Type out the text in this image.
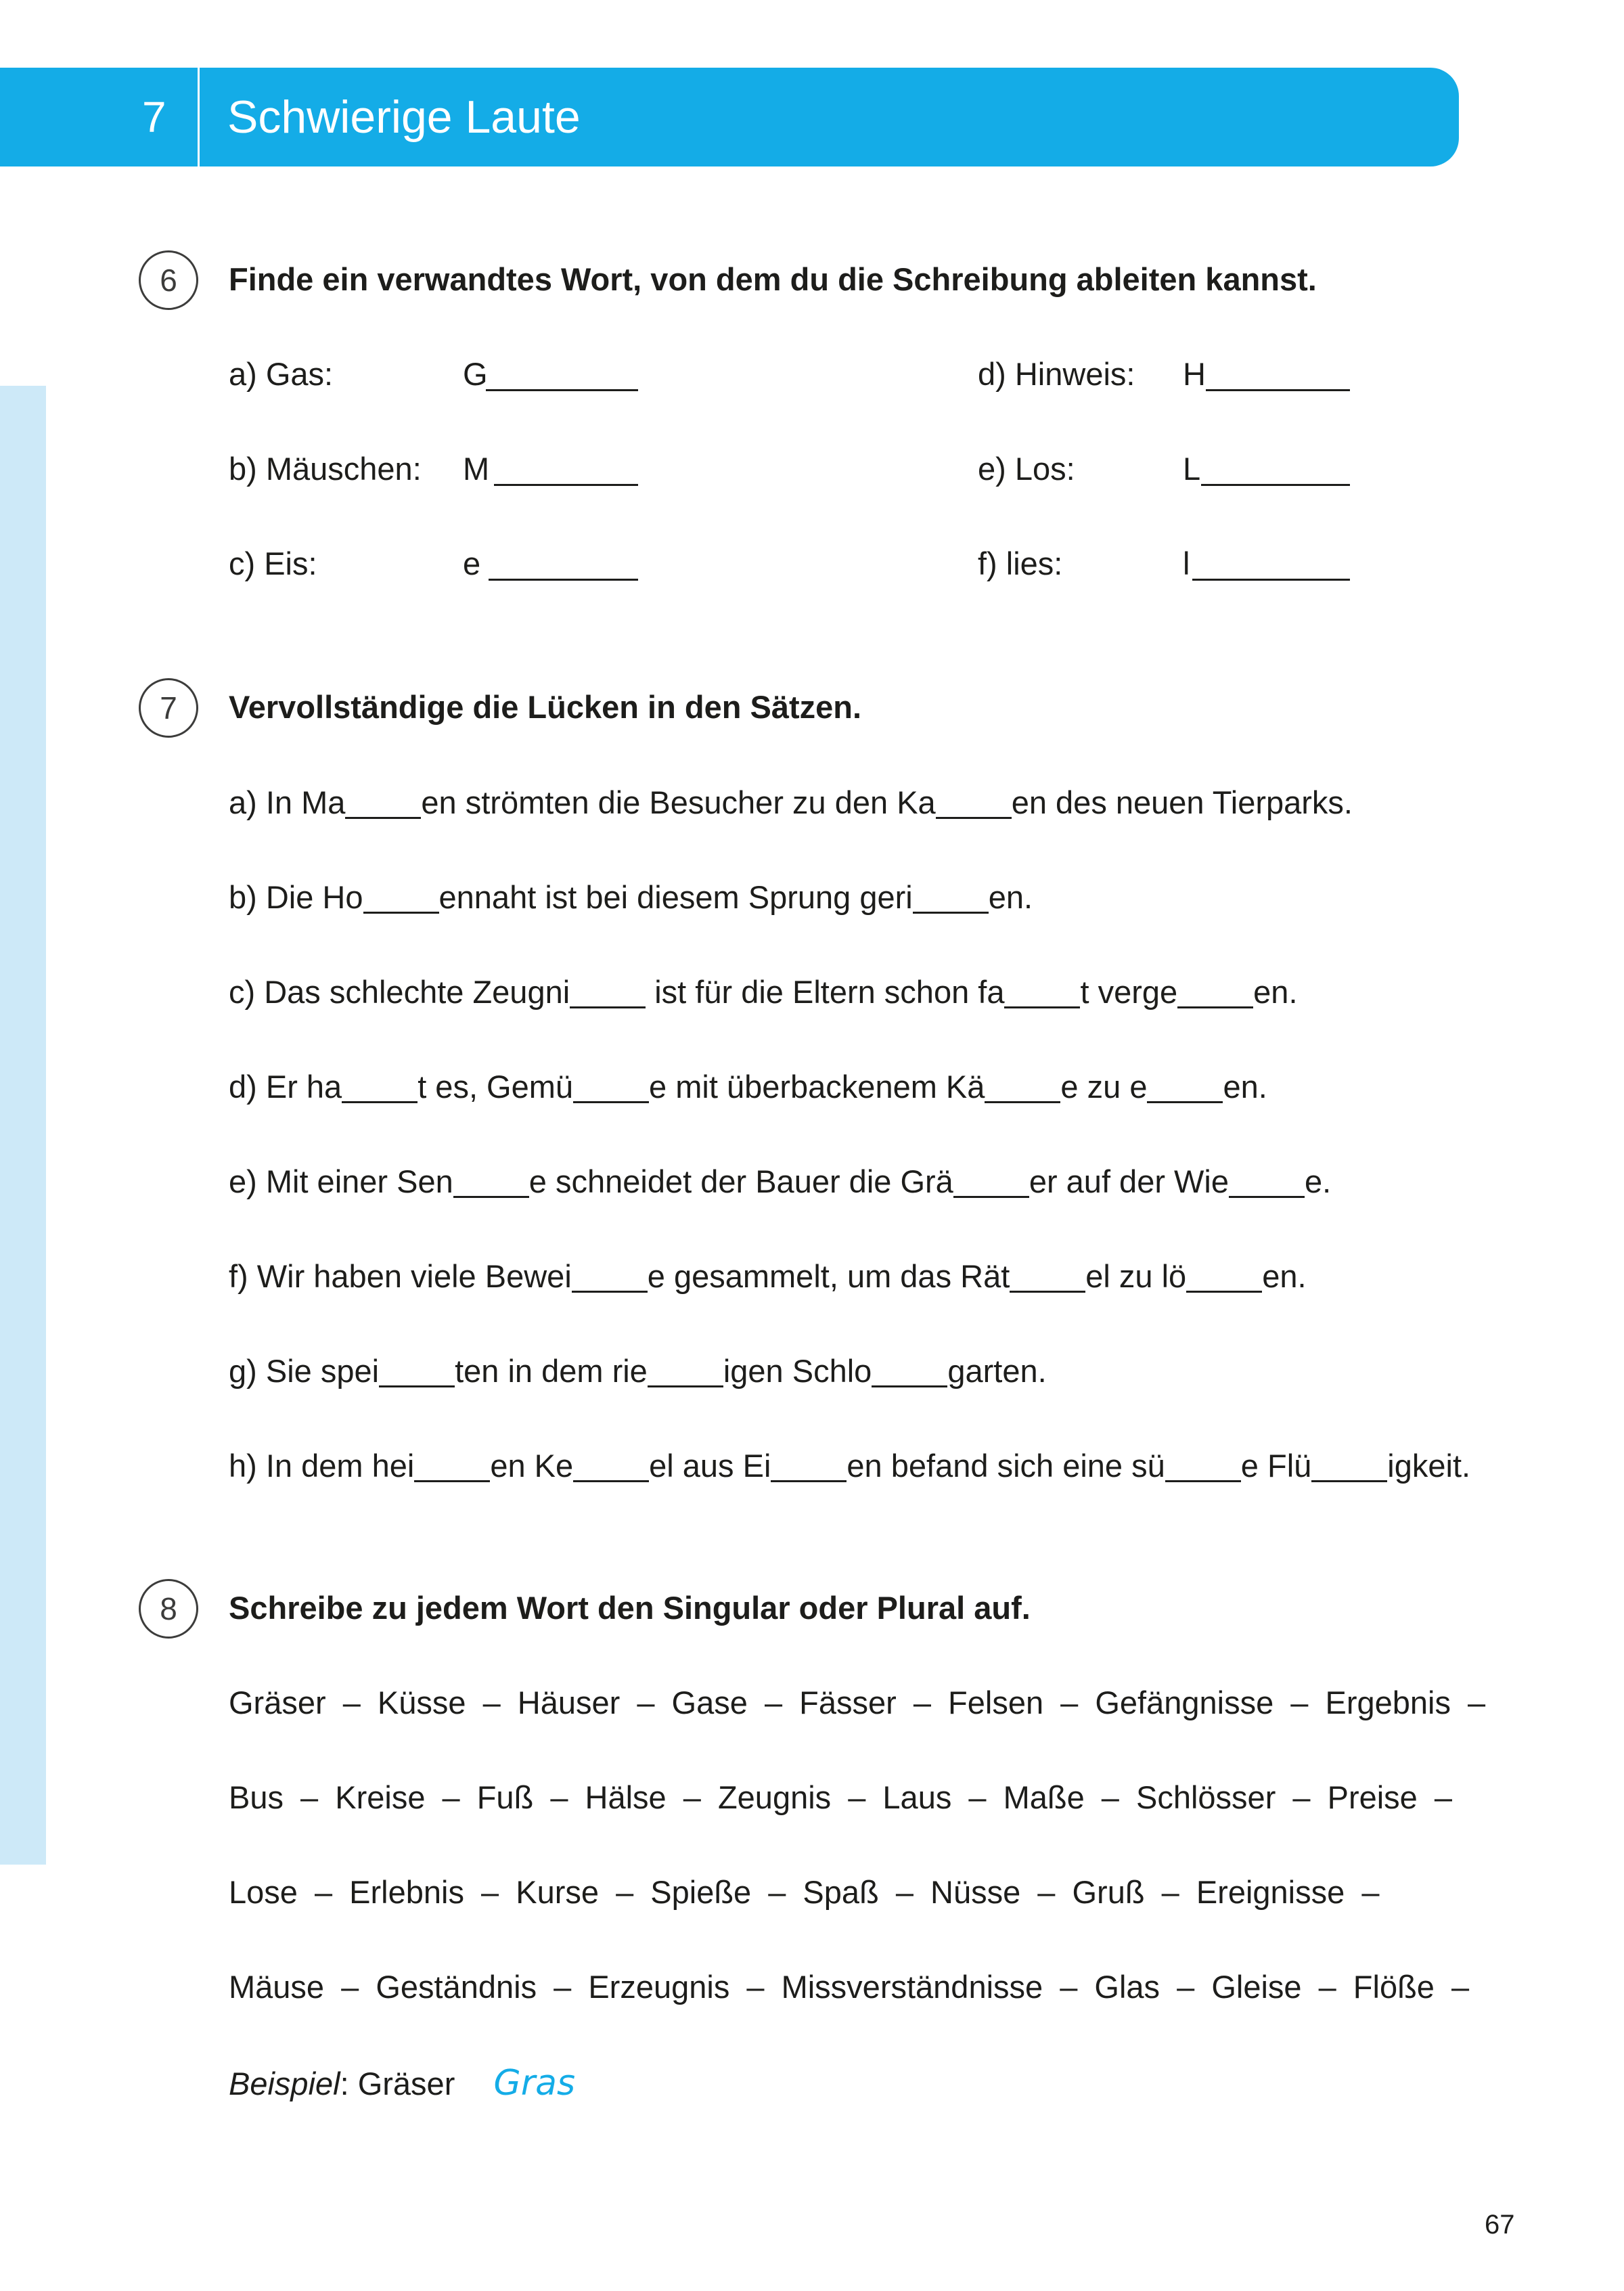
7 Schwierige Laute
6	Finde ein verwandtes Wort, von dem du die Schreibung ableiten kannst.
a) Gas:	G
b) Mäuschen: M
c) Eis:	e
d) Hinweis: H
e) Los:	L
f) lies:	l
7	Vervollständige die Lücken in den Sätzen.
a) In Ma en strömten die Besucher zu den Ka en des neuen Tierparks.
b) Die Ho ennaht ist bei diesem Sprung geri en.
c) Das schlechte Zeugni ist für die Eltern schon fa t verge en.
d) Er ha t es, Gemü e mit überbackenem Kä e zu e en.
e) Mit einer Sen e schneidet der Bauer die Grä er auf der Wie e.
f) Wir haben viele Bewei e gesammelt, um das Rät el zu lö en.
g) Sie spei ten in dem rie igen Schlo garten.
h) In dem hei en Ke el aus Ei en befand sich eine sü e Flü igkeit.
8	Schreibe zu jedem Wort den Singular oder Plural auf.
Gräser – Küsse – Häuser – Gase – Fässer – Felsen – Gefängnisse – Ergebnis –
Bus – Kreise – Fuß – Hälse – Zeugnis – Laus – Maße – Schlösser – Preise –
Lose – Erlebnis – Kurse – Spieße – Spaß – Nüsse – Gruß – Ereignisse –
Mäuse – Geständnis – Erzeugnis – Missverständnisse – Glas – Gleise – Flöße –
Beispiel: Gräser Gras
67
